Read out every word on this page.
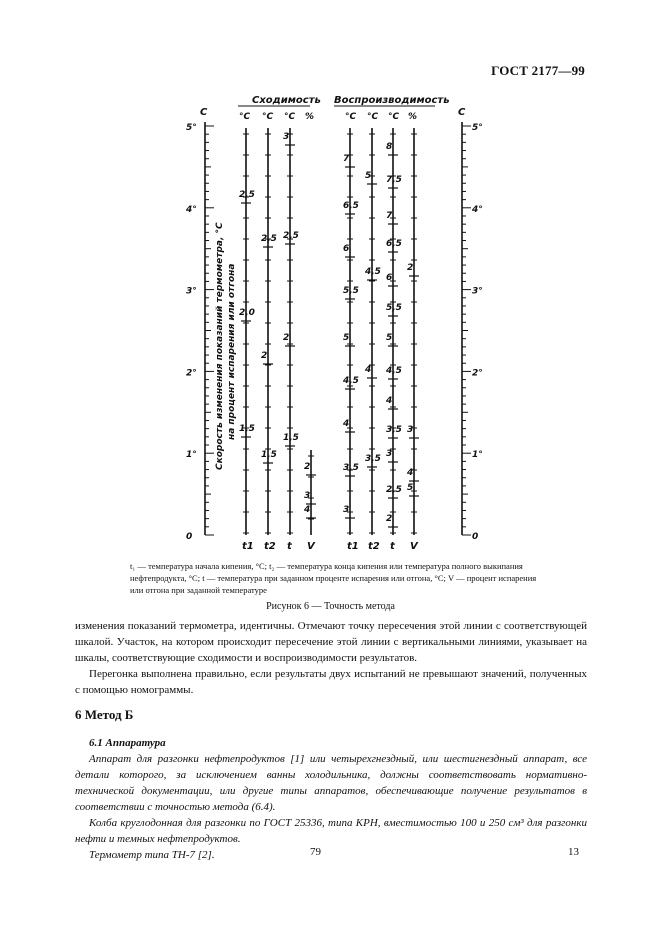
ГОСТ 2177—99
Сходимость Воспроизводимость
°С °С °С %	°С °С °С %
С	С
Скорость изменения показаний термометра, °С на процент испарения или отгона
t1 t2 t V	t1 t2 t V
5°
4°
3°
2°
1°
0
5°
4°
3°
2°
1°
0
2,5
2,0
1,5
2,5
2
1,5
3
2,5
2
1,5
2
3
4
7
6,5
6
5,5
5
4,5
4
3,5
3
5
4,5
4
3,5
8
7,5
7
6,5
6
5,5
5
4,5
4
3,5
3
2,5
2
2
3
4
5
t₁ — температура начала кипения, °С; t₂ — температура конца кипения или температура полного выкипания нефтепродукта, °С; t — температура при заданном проценте испарения или отгона, °С; V — процент испарения или отгона при заданной температуре
Рисунок 6 — Точность метода

изменения показаний термометра, идентичны. Отмечают точку пересечения этой линии с соответствующей шкалой. Участок, на котором происходит пересечение этой линии с вертикальными линиями, указывает на шкалы, соответствующие сходимости и воспроизводимости результатов.

Перегонка выполнена правильно, если результаты двух испытаний не превышают значений, полученных с помощью номограммы.

6 Метод Б

6.1 Аппаратура

Аппарат для разгонки нефтепродуктов [1] или четырехгнездный, или шестигнездный аппарат, все детали которого, за исключением ванны холодильника, должны соответствовать нормативно-технической документации, или другие типы аппаратов, обеспечивающие получение результатов в соответствии с точностью метода (6.4).

Колба круглодонная для разгонки по ГОСТ 25336, типа КРН, вместимостью 100 и 250 см³ для разгонки нефти и темных нефтепродуктов.

Термометр типа ТН-7 [2].	79	13
